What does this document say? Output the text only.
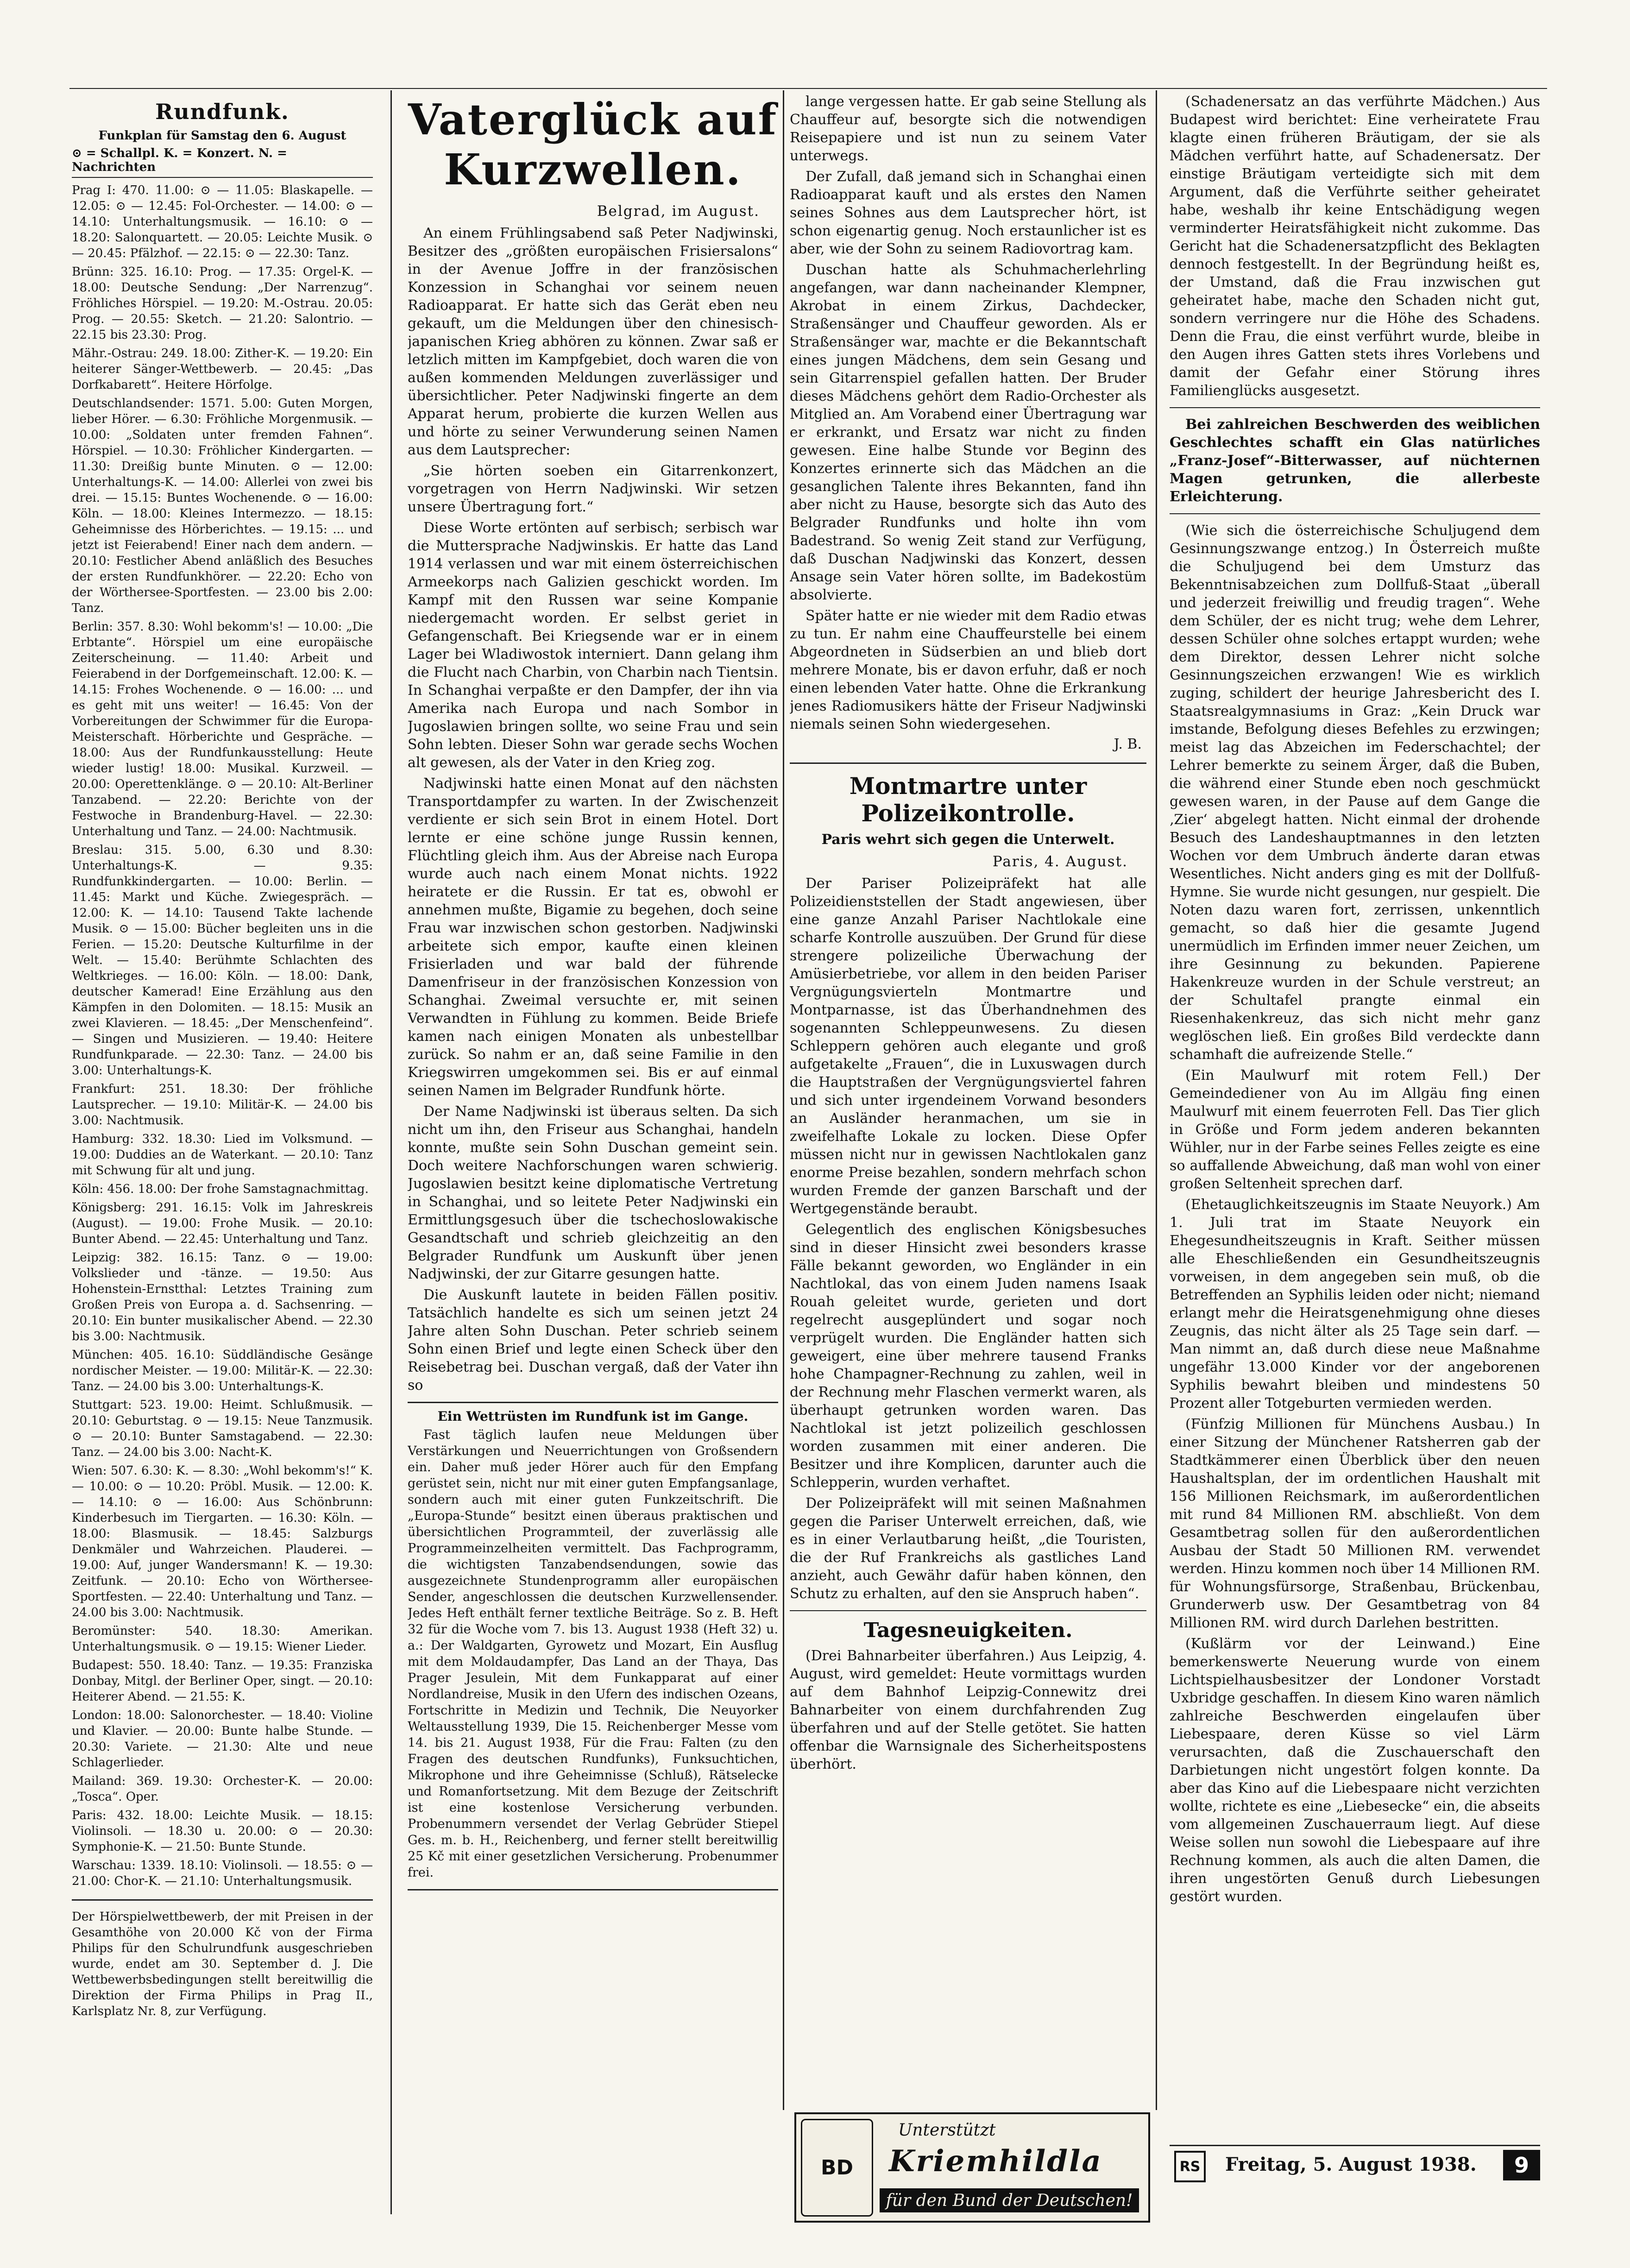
Rundfunk.
Funkplan für Samstag den 6. August
⊙ = Schallpl. K. = Konzert. N. = Nachrichten

Prag I: 470. 11.00: ⊙ — 11.05: Blaskapelle. — 12.05: ⊙ — 12.45: Fol-Orchester. — 14.00: ⊙ — 14.10: Unterhaltungsmusik. — 16.10: ⊙ — 18.20: Salonquartett. — 20.05: Leichte Musik. ⊙ — 20.45: Pfälzhof. — 22.15: ⊙ — 22.30: Tanz.

Brünn: 325. 16.10: Prog. — 17.35: Orgel-K. — 18.00: Deutsche Sendung: „Der Narrenzug“. Fröhliches Hörspiel. — 19.20: M.-Ostrau. 20.05: Prog. — 20.55: Sketch. — 21.20: Salontrio. — 22.15 bis 23.30: Prog.

Mähr.-Ostrau: 249. 18.00: Zither-K. — 19.20: Ein heiterer Sänger-Wettbewerb. — 20.45: „Das Dorfkabarett“. Heitere Hörfolge.

Deutschlandsender: 1571. 5.00: Guten Morgen, lieber Hörer. — 6.30: Fröhliche Morgenmusik. — 10.00: „Soldaten unter fremden Fahnen“. Hörspiel. — 10.30: Fröhlicher Kindergarten. — 11.30: Dreißig bunte Minuten. ⊙ — 12.00: Unterhaltungs-K. — 14.00: Allerlei von zwei bis drei. — 15.15: Buntes Wochenende. ⊙ — 16.00: Köln. — 18.00: Kleines Intermezzo. — 18.15: Geheimnisse des Hörberichtes. — 19.15: ... und jetzt ist Feierabend! Einer nach dem andern. — 20.10: Festlicher Abend anläßlich des Besuches der ersten Rundfunkhörer. — 22.20: Echo von der Wörthersee-Sportfesten. — 23.00 bis 2.00: Tanz.

Berlin: 357. 8.30: Wohl bekomm's! — 10.00: „Die Erbtante“. Hörspiel um eine europäische Zeiterscheinung. — 11.40: Arbeit und Feierabend in der Dorfgemeinschaft. 12.00: K. — 14.15: Frohes Wochenende. ⊙ — 16.00: ... und es geht mit uns weiter! — 16.45: Von der Vorbereitungen der Schwimmer für die Europa-Meisterschaft. Hörberichte und Gespräche. — 18.00: Aus der Rundfunkausstellung: Heute wieder lustig! 18.00: Musikal. Kurzweil. — 20.00: Operettenklänge. ⊙ — 20.10: Alt-Berliner Tanzabend. — 22.20: Berichte von der Festwoche in Brandenburg-Havel. — 22.30: Unterhaltung und Tanz. — 24.00: Nachtmusik.

Breslau: 315. 5.00, 6.30 und 8.30: Unterhaltungs-K. — 9.35: Rundfunkkindergarten. — 10.00: Berlin. — 11.45: Markt und Küche. Zwiegespräch. — 12.00: K. — 14.10: Tausend Takte lachende Musik. ⊙ — 15.00: Bücher begleiten uns in die Ferien. — 15.20: Deutsche Kulturfilme in der Welt. — 15.40: Berühmte Schlachten des Weltkrieges. — 16.00: Köln. — 18.00: Dank, deutscher Kamerad! Eine Erzählung aus den Kämpfen in den Dolomiten. — 18.15: Musik an zwei Klavieren. — 18.45: „Der Menschenfeind“. — Singen und Musizieren. — 19.40: Heitere Rundfunkparade. — 22.30: Tanz. — 24.00 bis 3.00: Unterhaltungs-K.

Frankfurt: 251. 18.30: Der fröhliche Lautsprecher. — 19.10: Militär-K. — 24.00 bis 3.00: Nachtmusik.

Hamburg: 332. 18.30: Lied im Volksmund. — 19.00: Duddies an de Waterkant. — 20.10: Tanz mit Schwung für alt und jung.

Köln: 456. 18.00: Der frohe Samstagnachmittag.

Königsberg: 291. 16.15: Volk im Jahreskreis (August). — 19.00: Frohe Musik. — 20.10: Bunter Abend. — 22.45: Unterhaltung und Tanz.

Leipzig: 382. 16.15: Tanz. ⊙ — 19.00: Volkslieder und -tänze. — 19.50: Aus Hohenstein-Ernstthal: Letztes Training zum Großen Preis von Europa a. d. Sachsenring. — 20.10: Ein bunter musikalischer Abend. — 22.30 bis 3.00: Nachtmusik.

München: 405. 16.10: Süddländische Gesänge nordischer Meister. — 19.00: Militär-K. — 22.30: Tanz. — 24.00 bis 3.00: Unterhaltungs-K.

Stuttgart: 523. 19.00: Heimt. Schlußmusik. — 20.10: Geburtstag. ⊙ — 19.15: Neue Tanzmusik. ⊙ — 20.10: Bunter Samstagabend. — 22.30: Tanz. — 24.00 bis 3.00: Nacht-K.

Wien: 507. 6.30: K. — 8.30: „Wohl bekomm's!“ K. — 10.00: ⊙ — 10.20: Pröbl. Musik. — 12.00: K. — 14.10: ⊙ — 16.00: Aus Schönbrunn: Kinderbesuch im Tiergarten. — 16.30: Köln. — 18.00: Blasmusik. — 18.45: Salzburgs Denkmäler und Wahrzeichen. Plauderei. — 19.00: Auf, junger Wandersmann! K. — 19.30: Zeitfunk. — 20.10: Echo von Wörthersee-Sportfesten. — 22.40: Unterhaltung und Tanz. — 24.00 bis 3.00: Nachtmusik.

Beromünster: 540. 18.30: Amerikan. Unterhaltungsmusik. ⊙ — 19.15: Wiener Lieder.

Budapest: 550. 18.40: Tanz. — 19.35: Franziska Donbay, Mitgl. der Berliner Oper, singt. — 20.10: Heiterer Abend. — 21.55: K.

London: 18.00: Salonorchester. — 18.40: Violine und Klavier. — 20.00: Bunte halbe Stunde. — 20.30: Variete. — 21.30: Alte und neue Schlagerlieder.

Mailand: 369. 19.30: Orchester-K. — 20.00: „Tosca“. Oper.

Paris: 432. 18.00: Leichte Musik. — 18.15: Violinsoli. — 18.30 u. 20.00: ⊙ — 20.30: Symphonie-K. — 21.50: Bunte Stunde.

Warschau: 1339. 18.10: Violinsoli. — 18.55: ⊙ — 21.00: Chor-K. — 21.10: Unterhaltungsmusik.

Der Hörspielwettbewerb, der mit Preisen in der Gesamthöhe von 20.000 Kč von der Firma Philips für den Schulrundfunk ausgeschrieben wurde, endet am 30. September d. J. Die Wettbewerbsbedingungen stellt bereitwillig die Direktion der Firma Philips in Prag II., Karlsplatz Nr. 8, zur Verfügung.

Vaterglück auf Kurzwellen.
Belgrad, im August.

An einem Frühlingsabend saß Peter Nadjwinski, Besitzer des „größten europäischen Frisiersalons“ in der Avenue Joffre in der französischen Konzession in Schanghai vor seinem neuen Radioapparat. Er hatte sich das Gerät eben neu gekauft, um die Meldungen über den chinesisch-japanischen Krieg abhören zu können. Zwar saß er letzlich mitten im Kampfgebiet, doch waren die von außen kommenden Meldungen zuverlässiger und übersichtlicher. Peter Nadjwinski fingerte an dem Apparat herum, probierte die kurzen Wellen aus und hörte zu seiner Verwunderung seinen Namen aus dem Lautsprecher:

„Sie hörten soeben ein Gitarrenkonzert, vorgetragen von Herrn Nadjwinski. Wir setzen unsere Übertragung fort.“

Diese Worte ertönten auf serbisch; serbisch war die Muttersprache Nadjwinskis. Er hatte das Land 1914 verlassen und war mit einem österreichischen Armeekorps nach Galizien geschickt worden. Im Kampf mit den Russen war seine Kompanie niedergemacht worden. Er selbst geriet in Gefangenschaft. Bei Kriegsende war er in einem Lager bei Wladiwostok interniert. Dann gelang ihm die Flucht nach Charbin, von Charbin nach Tientsin. In Schanghai verpaßte er den Dampfer, der ihn via Amerika nach Europa und nach Sombor in Jugoslawien bringen sollte, wo seine Frau und sein Sohn lebten. Dieser Sohn war gerade sechs Wochen alt gewesen, als der Vater in den Krieg zog.

Nadjwinski hatte einen Monat auf den nächsten Transportdampfer zu warten. In der Zwischenzeit verdiente er sich sein Brot in einem Hotel. Dort lernte er eine schöne junge Russin kennen, Flüchtling gleich ihm. Aus der Abreise nach Europa wurde auch nach einem Monat nichts. 1922 heiratete er die Russin. Er tat es, obwohl er annehmen mußte, Bigamie zu begehen, doch seine Frau war inzwischen schon gestorben. Nadjwinski arbeitete sich empor, kaufte einen kleinen Frisierladen und war bald der führende Damenfriseur in der französischen Konzession von Schanghai. Zweimal versuchte er, mit seinen Verwandten in Fühlung zu kommen. Beide Briefe kamen nach einigen Monaten als unbestellbar zurück. So nahm er an, daß seine Familie in den Kriegswirren umgekommen sei. Bis er auf einmal seinen Namen im Belgrader Rundfunk hörte.

Der Name Nadjwinski ist überaus selten. Da sich nicht um ihn, den Friseur aus Schanghai, handeln konnte, mußte sein Sohn Duschan gemeint sein. Doch weitere Nachforschungen waren schwierig. Jugoslawien besitzt keine diplomatische Vertretung in Schanghai, und so leitete Peter Nadjwinski ein Ermittlungsgesuch über die tschechoslowakische Gesandtschaft und schrieb gleichzeitig an den Belgrader Rundfunk um Auskunft über jenen Nadjwinski, der zur Gitarre gesungen hatte.

Die Auskunft lautete in beiden Fällen positiv. Tatsächlich handelte es sich um seinen jetzt 24 Jahre alten Sohn Duschan. Peter schrieb seinem Sohn einen Brief und legte einen Scheck über den Reisebetrag bei. Duschan vergaß, daß der Vater ihn so

Ein Wettrüsten im Rundfunk ist im Gange.

Fast täglich laufen neue Meldungen über Verstärkungen und Neuerrichtungen von Großsendern ein. Daher muß jeder Hörer auch für den Empfang gerüstet sein, nicht nur mit einer guten Empfangsanlage, sondern auch mit einer guten Funkzeitschrift. Die „Europa-Stunde“ besitzt einen überaus praktischen und übersichtlichen Programmteil, der zuverlässig alle Programmeinzelheiten vermittelt. Das Fachprogramm, die wichtigsten Tanzabendsendungen, sowie das ausgezeichnete Stundenprogramm aller europäischen Sender, angeschlossen die deutschen Kurzwellensender. Jedes Heft enthält ferner textliche Beiträge. So z. B. Heft 32 für die Woche vom 7. bis 13. August 1938 (Heft 32) u. a.: Der Waldgarten, Gyrowetz und Mozart, Ein Ausflug mit dem Moldaudampfer, Das Land an der Thaya, Das Prager Jesulein, Mit dem Funkapparat auf einer Nordlandreise, Musik in den Ufern des indischen Ozeans, Fortschritte in Medizin und Technik, Die Neuyorker Weltausstellung 1939, Die 15. Reichenberger Messe vom 14. bis 21. August 1938, Für die Frau: Falten (zu den Fragen des deutschen Rundfunks), Funksuchtichen, Mikrophone und ihre Geheimnisse (Schluß), Rätselecke und Romanfortsetzung. Mit dem Bezuge der Zeitschrift ist eine kostenlose Versicherung verbunden. Probenummern versendet der Verlag Gebrüder Stiepel Ges. m. b. H., Reichenberg, und ferner stellt bereitwillig 25 Kč mit einer gesetzlichen Versicherung. Probenummer frei.

lange vergessen hatte. Er gab seine Stellung als Chauffeur auf, besorgte sich die notwendigen Reisepapiere und ist nun zu seinem Vater unterwegs.

Der Zufall, daß jemand sich in Schanghai einen Radioapparat kauft und als erstes den Namen seines Sohnes aus dem Lautsprecher hört, ist schon eigenartig genug. Noch erstaunlicher ist es aber, wie der Sohn zu seinem Radiovortrag kam.

Duschan hatte als Schuhmacherlehrling angefangen, war dann nacheinander Klempner, Akrobat in einem Zirkus, Dachdecker, Straßensänger und Chauffeur geworden. Als er Straßensänger war, machte er die Bekanntschaft eines jungen Mädchens, dem sein Gesang und sein Gitarrenspiel gefallen hatten. Der Bruder dieses Mädchens gehört dem Radio-Orchester als Mitglied an. Am Vorabend einer Übertragung war er erkrankt, und Ersatz war nicht zu finden gewesen. Eine halbe Stunde vor Beginn des Konzertes erinnerte sich das Mädchen an die gesanglichen Talente ihres Bekannten, fand ihn aber nicht zu Hause, besorgte sich das Auto des Belgrader Rundfunks und holte ihn vom Badestrand. So wenig Zeit stand zur Verfügung, daß Duschan Nadjwinski das Konzert, dessen Ansage sein Vater hören sollte, im Badekostüm absolvierte.

Später hatte er nie wieder mit dem Radio etwas zu tun. Er nahm eine Chauffeurstelle bei einem Abgeordneten in Südserbien an und blieb dort mehrere Monate, bis er davon erfuhr, daß er noch einen lebenden Vater hatte. Ohne die Erkrankung jenes Radiomusikers hätte der Friseur Nadjwinski niemals seinen Sohn wiedergesehen.

J. B.
Montmartre unter Polizeikontrolle.
Paris wehrt sich gegen die Unterwelt.
Paris, 4. August.

Der Pariser Polizeipräfekt hat alle Polizeidienststellen der Stadt angewiesen, über eine ganze Anzahl Pariser Nachtlokale eine scharfe Kontrolle auszuüben. Der Grund für diese strengere polizeiliche Überwachung der Amüsierbetriebe, vor allem in den beiden Pariser Vergnügungsvierteln Montmartre und Montparnasse, ist das Überhandnehmen des sogenannten Schleppeunwesens. Zu diesen Schleppern gehören auch elegante und groß aufgetakelte „Frauen“, die in Luxuswagen durch die Hauptstraßen der Vergnügungsviertel fahren und sich unter irgendeinem Vorwand besonders an Ausländer heranmachen, um sie in zweifelhafte Lokale zu locken. Diese Opfer müssen nicht nur in gewissen Nachtlokalen ganz enorme Preise bezahlen, sondern mehrfach schon wurden Fremde der ganzen Barschaft und der Wertgegenstände beraubt.

Gelegentlich des englischen Königsbesuches sind in dieser Hinsicht zwei besonders krasse Fälle bekannt geworden, wo Engländer in ein Nachtlokal, das von einem Juden namens Isaak Rouah geleitet wurde, gerieten und dort regelrecht ausgeplündert und sogar noch verprügelt wurden. Die Engländer hatten sich geweigert, eine über mehrere tausend Franks hohe Champagner-Rechnung zu zahlen, weil in der Rechnung mehr Flaschen vermerkt waren, als überhaupt getrunken worden waren. Das Nachtlokal ist jetzt polizeilich geschlossen worden zusammen mit einer anderen. Die Besitzer und ihre Komplicen, darunter auch die Schlepperin, wurden verhaftet.

Der Polizeipräfekt will mit seinen Maßnahmen gegen die Pariser Unterwelt erreichen, daß, wie es in einer Verlautbarung heißt, „die Touristen, die der Ruf Frankreichs als gastliches Land anzieht, auch Gewähr dafür haben können, den Schutz zu erhalten, auf den sie Anspruch haben“.

Tagesneuigkeiten.

(Drei Bahnarbeiter überfahren.) Aus Leipzig, 4. August, wird gemeldet: Heute vormittags wurden auf dem Bahnhof Leipzig-Connewitz drei Bahnarbeiter von einem durchfahrenden Zug überfahren und auf der Stelle getötet. Sie hatten offenbar die Warnsignale des Sicherheitspostens überhört.

(Schadenersatz an das verführte Mädchen.) Aus Budapest wird berichtet: Eine verheiratete Frau klagte einen früheren Bräutigam, der sie als Mädchen verführt hatte, auf Schadenersatz. Der einstige Bräutigam verteidigte sich mit dem Argument, daß die Verführte seither geheiratet habe, weshalb ihr keine Entschädigung wegen verminderter Heiratsfähigkeit nicht zukomme. Das Gericht hat die Schadenersatzpflicht des Beklagten dennoch festgestellt. In der Begründung heißt es, der Umstand, daß die Frau inzwischen gut geheiratet habe, mache den Schaden nicht gut, sondern verringere nur die Höhe des Schadens. Denn die Frau, die einst verführt wurde, bleibe in den Augen ihres Gatten stets ihres Vorlebens und damit der Gefahr einer Störung ihres Familienglücks ausgesetzt.

Bei zahlreichen Beschwerden des weiblichen Geschlechtes schafft ein Glas natürliches „Franz-Josef“-Bitterwasser, auf nüchternen Magen getrunken, die allerbeste Erleichterung.

(Wie sich die österreichische Schuljugend dem Gesinnungszwange entzog.) In Österreich mußte die Schuljugend bei dem Umsturz das Bekenntnisabzeichen zum Dollfuß-Staat „überall und jederzeit freiwillig und freudig tragen“. Wehe dem Schüler, der es nicht trug; wehe dem Lehrer, dessen Schüler ohne solches ertappt wurden; wehe dem Direktor, dessen Lehrer nicht solche Gesinnungszeichen erzwangen! Wie es wirklich zuging, schildert der heurige Jahresbericht des I. Staatsrealgymnasiums in Graz: „Kein Druck war imstande, Befolgung dieses Befehles zu erzwingen; meist lag das Abzeichen im Federschachtel; der Lehrer bemerkte zu seinem Ärger, daß die Buben, die während einer Stunde eben noch geschmückt gewesen waren, in der Pause auf dem Gange die ‚Zier‘ abgelegt hatten. Nicht einmal der drohende Besuch des Landeshauptmannes in den letzten Wochen vor dem Umbruch änderte daran etwas Wesentliches. Nicht anders ging es mit der Dollfuß-Hymne. Sie wurde nicht gesungen, nur gespielt. Die Noten dazu waren fort, zerrissen, unkenntlich gemacht, so daß hier die gesamte Jugend unermüdlich im Erfinden immer neuer Zeichen, um ihre Gesinnung zu bekunden. Papierene Hakenkreuze wurden in der Schule verstreut; an der Schultafel prangte einmal ein Riesenhakenkreuz, das sich nicht mehr ganz weglöschen ließ. Ein großes Bild verdeckte dann schamhaft die aufreizende Stelle.“

(Ein Maulwurf mit rotem Fell.) Der Gemeindediener von Au im Allgäu fing einen Maulwurf mit einem feuerroten Fell. Das Tier glich in Größe und Form jedem anderen bekannten Wühler, nur in der Farbe seines Felles zeigte es eine so auffallende Abweichung, daß man wohl von einer großen Seltenheit sprechen darf.

(Ehetauglichkeitszeugnis im Staate Neuyork.) Am 1. Juli trat im Staate Neuyork ein Ehegesundheitszeugnis in Kraft. Seither müssen alle Eheschließenden ein Gesundheitszeugnis vorweisen, in dem angegeben sein muß, ob die Betreffenden an Syphilis leiden oder nicht; niemand erlangt mehr die Heiratsgenehmigung ohne dieses Zeugnis, das nicht älter als 25 Tage sein darf. — Man nimmt an, daß durch diese neue Maßnahme ungefähr 13.000 Kinder vor der angeborenen Syphilis bewahrt bleiben und mindestens 50 Prozent aller Totgeburten vermieden werden.

(Fünfzig Millionen für Münchens Ausbau.) In einer Sitzung der Münchener Ratsherren gab der Stadtkämmerer einen Überblick über den neuen Haushaltsplan, der im ordentlichen Haushalt mit 156 Millionen Reichsmark, im außerordentlichen mit rund 84 Millionen RM. abschließt. Von dem Gesamtbetrag sollen für den außerordentlichen Ausbau der Stadt 50 Millionen RM. verwendet werden. Hinzu kommen noch über 14 Millionen RM. für Wohnungsfürsorge, Straßenbau, Brückenbau, Grunderwerb usw. Der Gesamtbetrag von 84 Millionen RM. wird durch Darlehen bestritten.

(Kußlärm vor der Leinwand.) Eine bemerkenswerte Neuerung wurde von einem Lichtspielhausbesitzer der Londoner Vorstadt Uxbridge geschaffen. In diesem Kino waren nämlich zahlreiche Beschwerden eingelaufen über Liebespaare, deren Küsse so viel Lärm verursachten, daß die Zuschauerschaft den Darbietungen nicht ungestört folgen konnte. Da aber das Kino auf die Liebespaare nicht verzichten wollte, richtete es eine „Liebesecke“ ein, die abseits vom allgemeinen Zuschauerraum liegt. Auf diese Weise sollen nun sowohl die Liebespaare auf ihre Rechnung kommen, als auch die alten Damen, die ihren ungestörten Genuß durch Liebesungen gestört wurden.

BD
Unterstützt
Kriemhildla
für den Bund der Deutschen!
RS Freitag, 5. August 1938.	9
